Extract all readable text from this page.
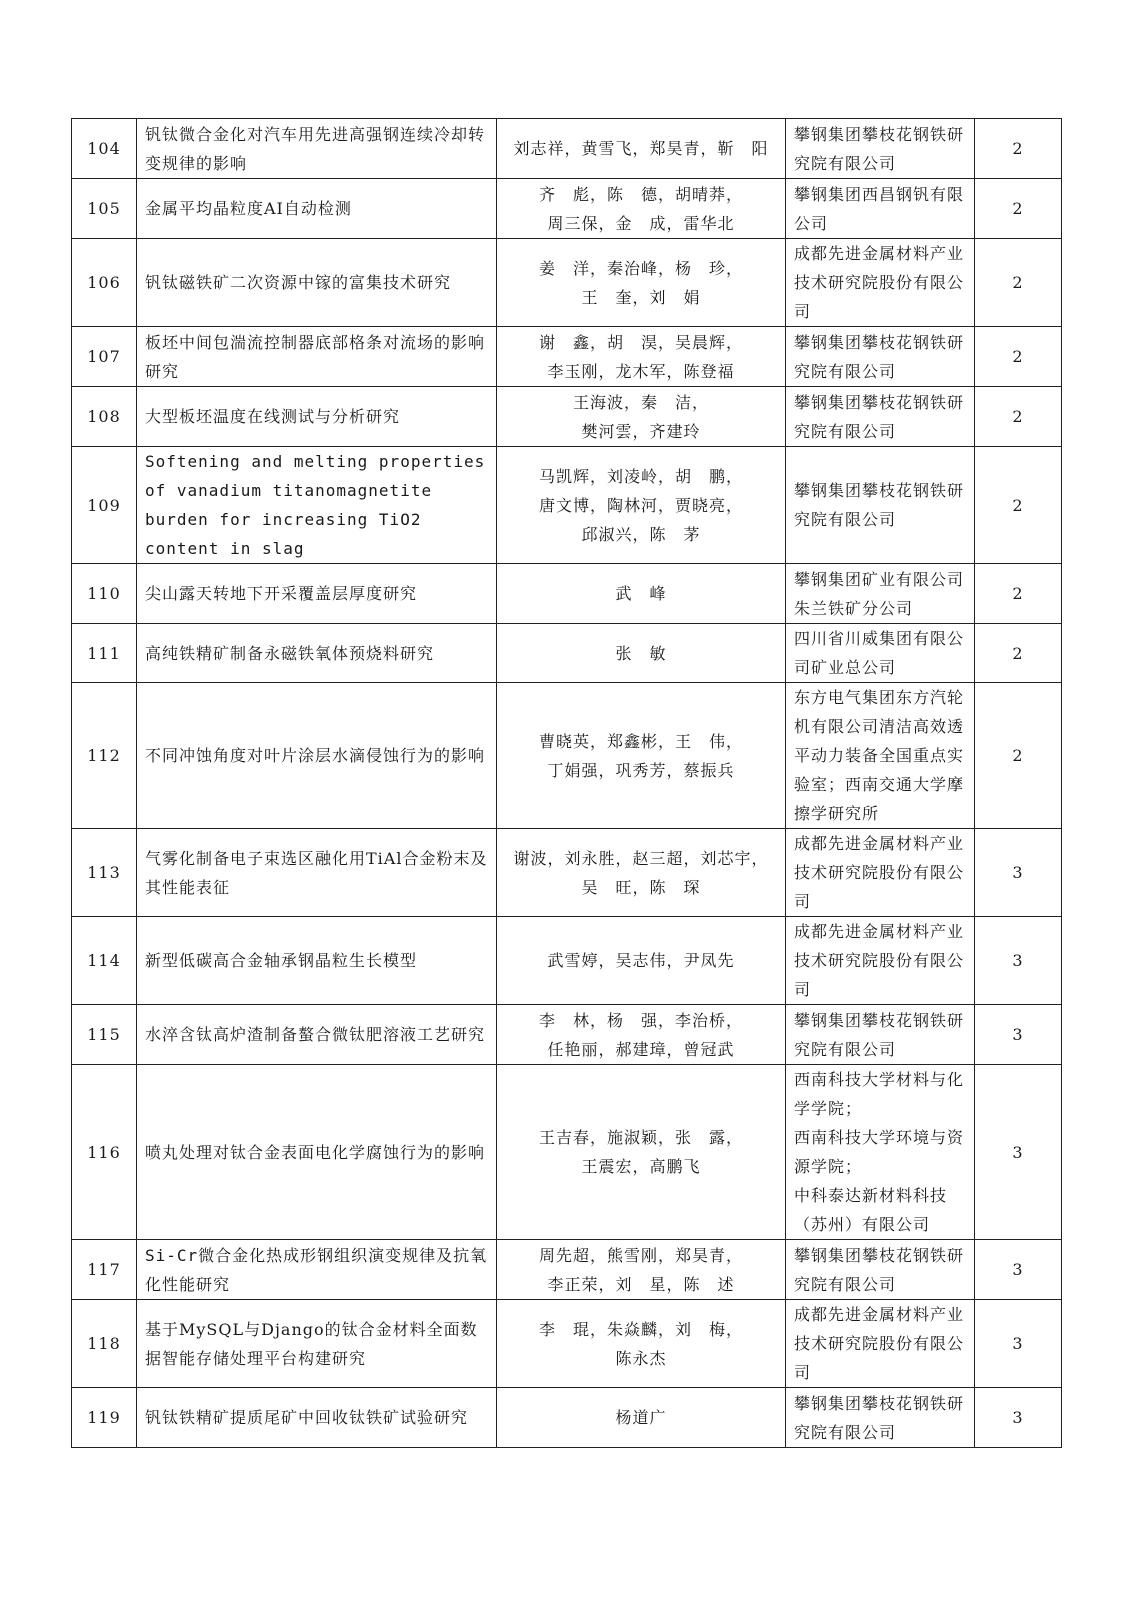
104	钒钛微合金化对汽车用先进高强钢连续冷却转变规律的影响	刘志祥，黄雪飞，郑昊青，靳　阳	攀钢集团攀枝花钢铁研究院有限公司	2
105	金属平均晶粒度AI自动检测	齐　彪，陈　德，胡晴莽，
周三保，金　成，雷华北	攀钢集团西昌钢钒有限公司	2
106	钒钛磁铁矿二次资源中镓的富集技术研究	姜　洋，秦治峰，杨　珍，
王　奎，刘　娟	成都先进金属材料产业技术研究院股份有限公司	2
107	板坯中间包湍流控制器底部格条对流场的影响研究	谢　鑫，胡　淏，吴晨辉，
李玉刚，龙木军，陈登福	攀钢集团攀枝花钢铁研究院有限公司	2
108	大型板坯温度在线测试与分析研究	王海波，秦　洁，
樊河雲，齐建玲	攀钢集团攀枝花钢铁研究院有限公司	2
109	Softening and melting properties of vanadium titanomagnetite burden for increasing TiO2 content in slag	马凯辉，刘凌岭，胡　鹏，
唐文博，陶林河，贾晓亮，
邱淑兴，陈　茅	攀钢集团攀枝花钢铁研究院有限公司	2
110	尖山露天转地下开采覆盖层厚度研究	武　峰	攀钢集团矿业有限公司朱兰铁矿分公司	2
111	高纯铁精矿制备永磁铁氧体预烧料研究	张　敏	四川省川威集团有限公司矿业总公司	2
112	不同冲蚀角度对叶片涂层水滴侵蚀行为的影响	曹晓英，郑鑫彬，王　伟，
丁娟强，巩秀芳，蔡振兵	东方电气集团东方汽轮机有限公司清洁高效透平动力装备全国重点实验室；西南交通大学摩擦学研究所	2
113	气雾化制备电子束选区融化用TiAl合金粉末及其性能表征	谢波，刘永胜，赵三超，刘芯宇，
吴　旺，陈　琛	成都先进金属材料产业技术研究院股份有限公司	3
114	新型低碳高合金轴承钢晶粒生长模型	武雪婷，吴志伟，尹凤先	成都先进金属材料产业技术研究院股份有限公司	3
115	水淬含钛高炉渣制备螯合微钛肥溶液工艺研究	李　林，杨　强，李治桥，
任艳丽，郝建璋，曾冠武	攀钢集团攀枝花钢铁研究院有限公司	3
116	喷丸处理对钛合金表面电化学腐蚀行为的影响	王吉春，施淑颖，张　露，
王震宏，高鹏飞	西南科技大学材料与化学学院；
西南科技大学环境与资源学院；
中科泰达新材料科技（苏州）有限公司	3
117	Si-Cr微合金化热成形钢组织演变规律及抗氧化性能研究	周先超，熊雪刚，郑昊青，
李正荣，刘　星，陈　述	攀钢集团攀枝花钢铁研究院有限公司	3
118	基于MySQL与Django的钛合金材料全面数据智能存储处理平台构建研究	李　琨，朱焱麟，刘　梅，
陈永杰	成都先进金属材料产业技术研究院股份有限公司	3
119	钒钛铁精矿提质尾矿中回收钛铁矿试验研究	杨道广	攀钢集团攀枝花钢铁研究院有限公司	3
